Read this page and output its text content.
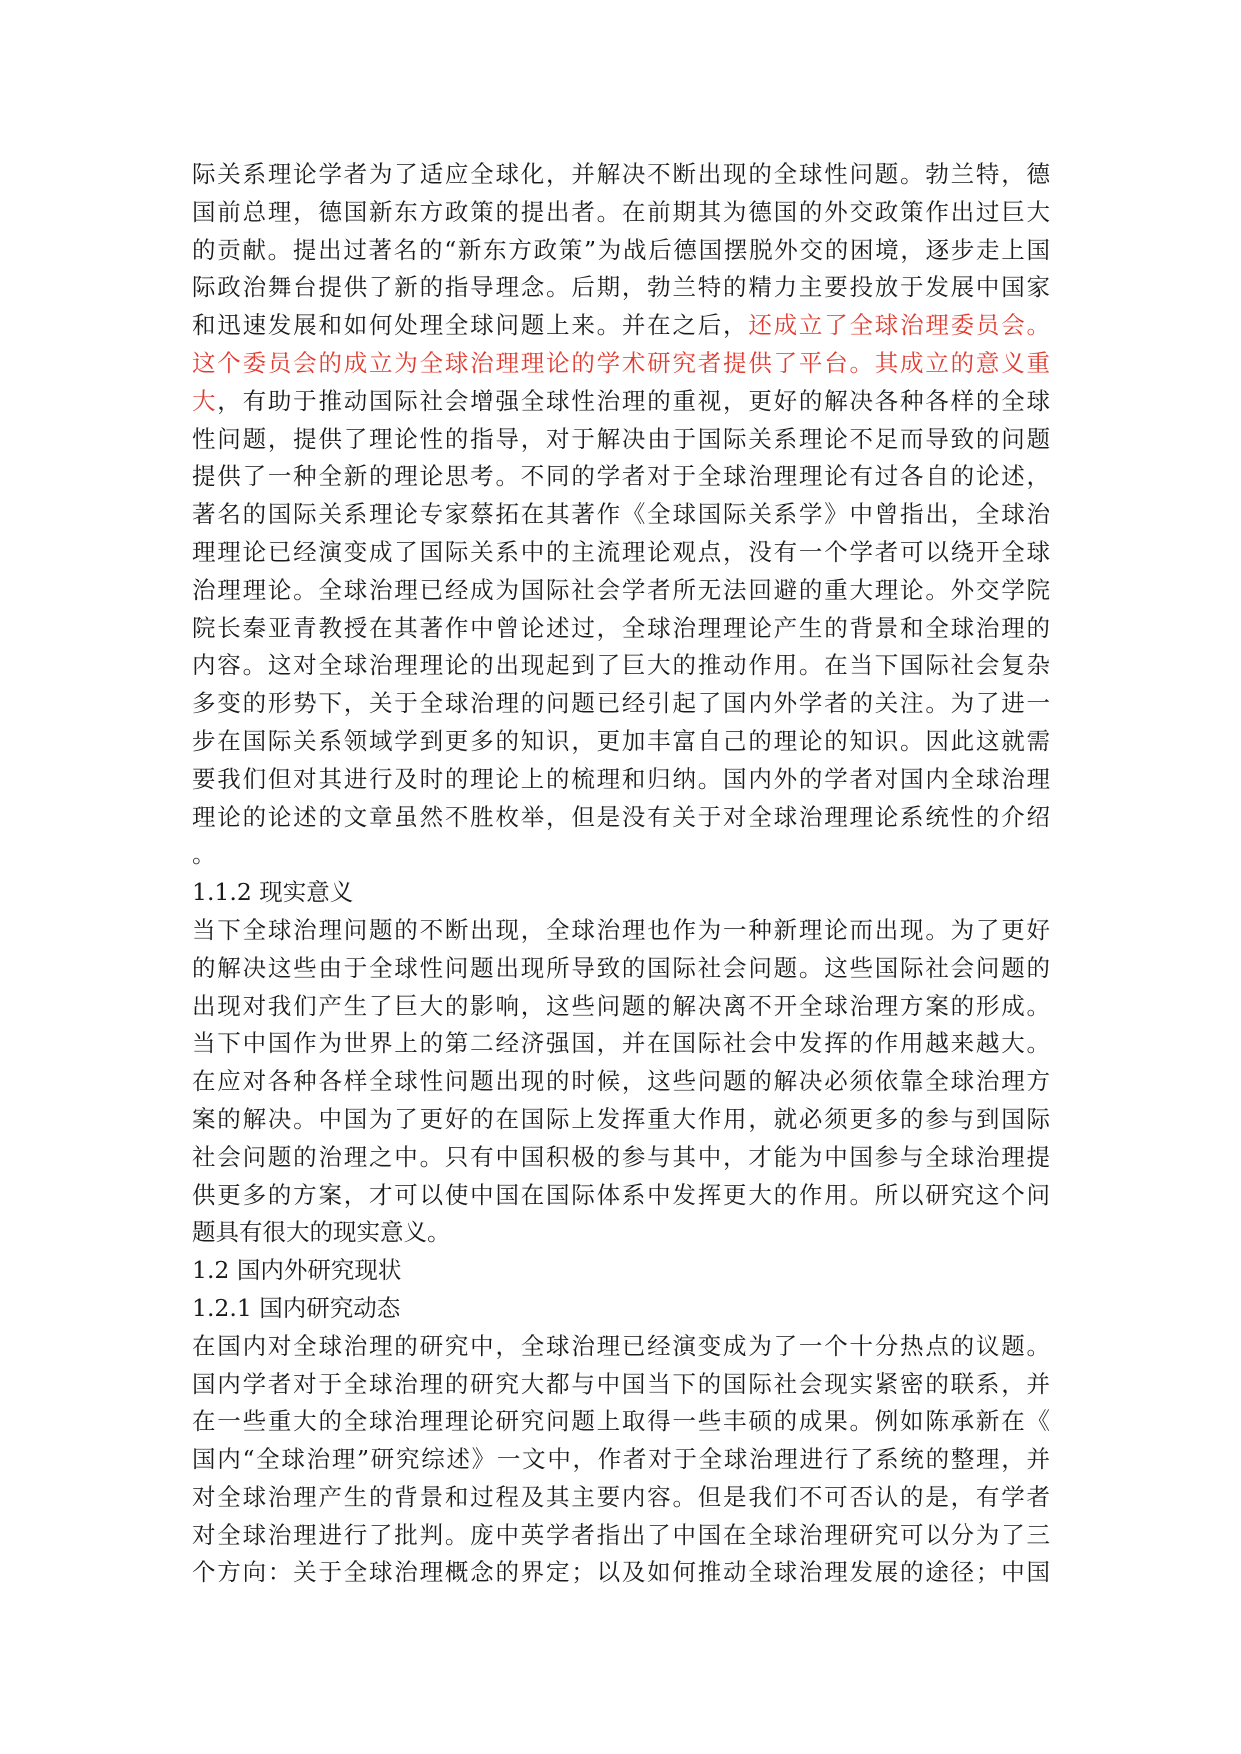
际关系理论学者为了适应全球化，并解决不断出现的全球性问题。勃兰特，德
国前总理，德国新东方政策的提出者。在前期其为德国的外交政策作出过巨大
的贡献。提出过著名的“新东方政策”为战后德国摆脱外交的困境，逐步走上国
际政治舞台提供了新的指导理念。后期，勃兰特的精力主要投放于发展中国家
和迅速发展和如何处理全球问题上来。并在之后，还成立了全球治理委员会。
这个委员会的成立为全球治理理论的学术研究者提供了平台。其成立的意义重
大，有助于推动国际社会增强全球性治理的重视，更好的解决各种各样的全球
性问题，提供了理论性的指导，对于解决由于国际关系理论不足而导致的问题
提供了一种全新的理论思考。不同的学者对于全球治理理论有过各自的论述，
著名的国际关系理论专家蔡拓在其著作《全球国际关系学》中曾指出，全球治
理理论已经演变成了国际关系中的主流理论观点，没有一个学者可以绕开全球
治理理论。全球治理已经成为国际社会学者所无法回避的重大理论。外交学院
院长秦亚青教授在其著作中曾论述过，全球治理理论产生的背景和全球治理的
内容。这对全球治理理论的出现起到了巨大的推动作用。在当下国际社会复杂
多变的形势下，关于全球治理的问题已经引起了国内外学者的关注。为了进一
步在国际关系领域学到更多的知识，更加丰富自己的理论的知识。因此这就需
要我们但对其进行及时的理论上的梳理和归纳。国内外的学者对国内全球治理
理论的论述的文章虽然不胜枚举，但是没有关于对全球治理理论系统性的介绍
。
1.1.2 现实意义
当下全球治理问题的不断出现，全球治理也作为一种新理论而出现。为了更好
的解决这些由于全球性问题出现所导致的国际社会问题。这些国际社会问题的
出现对我们产生了巨大的影响，这些问题的解决离不开全球治理方案的形成。
当下中国作为世界上的第二经济强国，并在国际社会中发挥的作用越来越大。
在应对各种各样全球性问题出现的时候，这些问题的解决必须依靠全球治理方
案的解决。中国为了更好的在国际上发挥重大作用，就必须更多的参与到国际
社会问题的治理之中。只有中国积极的参与其中，才能为中国参与全球治理提
供更多的方案，才可以使中国在国际体系中发挥更大的作用。所以研究这个问
题具有很大的现实意义。
1.2 国内外研究现状
1.2.1 国内研究动态
在国内对全球治理的研究中，全球治理已经演变成为了一个十分热点的议题。
国内学者对于全球治理的研究大都与中国当下的国际社会现实紧密的联系，并
在一些重大的全球治理理论研究问题上取得一些丰硕的成果。例如陈承新在《
国内“全球治理”研究综述》一文中，作者对于全球治理进行了系统的整理，并
对全球治理产生的背景和过程及其主要内容。但是我们不可否认的是，有学者
对全球治理进行了批判。庞中英学者指出了中国在全球治理研究可以分为了三
个方向：关于全球治理概念的界定；以及如何推动全球治理发展的途径；中国
